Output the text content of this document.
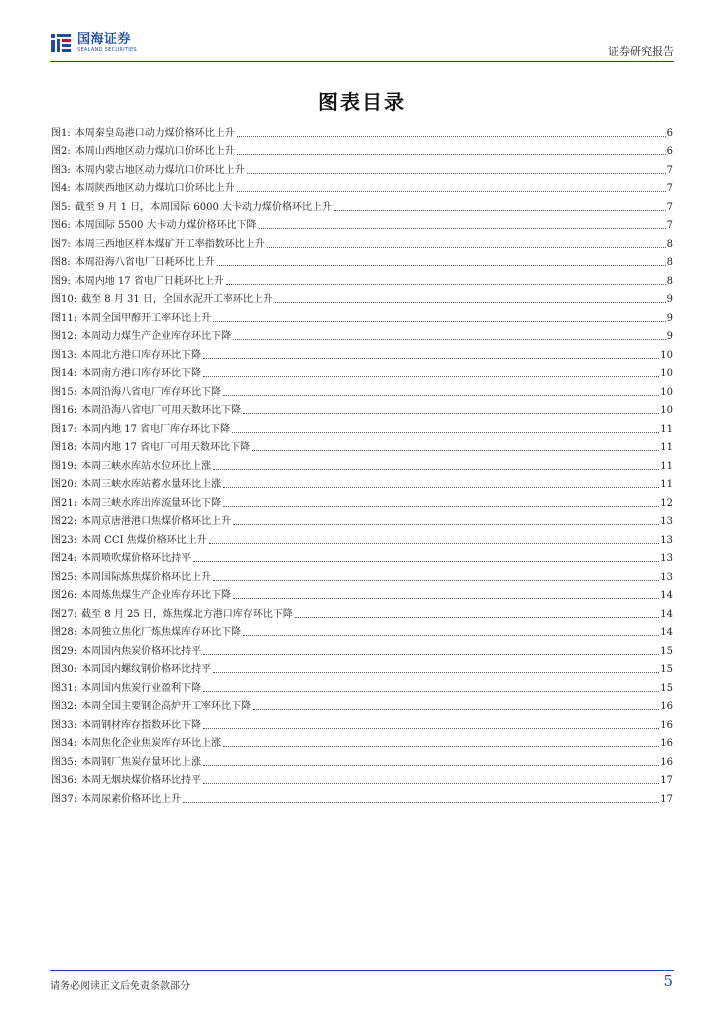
国海证券
SEALAND SECURITIES	证券研究报告
图表目录
图 1: 本周秦皇岛港口动力煤价格环比上升	6
图 2: 本周山西地区动力煤坑口价环比上升	6
图 3: 本周内蒙古地区动力煤坑口价环比上升	7
图 4: 本周陕西地区动力煤坑口价环比上升	7
图 5: 截至 9 月 1 日，本周国际 6000 大卡动力煤价格环比上升	7
图 6: 本周国际 5500 大卡动力煤价格环比下降	7
图 7: 本周三西地区样本煤矿开工率指数环比上升	8
图 8: 本周沿海八省电厂日耗环比上升	8
图 9: 本周内地 17 省电厂日耗环比上升	8
图 10: 截至 8 月 31 日，全国水泥开工率环比上升	9
图 11: 本周全国甲醇开工率环比上升	9
图 12: 本周动力煤生产企业库存环比下降	9
图 13: 本周北方港口库存环比下降	10
图 14: 本周南方港口库存环比下降	10
图 15: 本周沿海八省电厂库存环比下降	10
图 16: 本周沿海八省电厂可用天数环比下降	10
图 17: 本周内地 17 省电厂库存环比下降	11
图 18: 本周内地 17 省电厂可用天数环比下降	11
图 19: 本周三峡水库站水位环比上涨	11
图 20: 本周三峡水库站蓄水量环比上涨	11
图 21: 本周三峡水库出库流量环比下降	12
图 22: 本周京唐港港口焦煤价格环比上升	13
图 23: 本周 CCI 焦煤价格环比上升	13
图 24: 本周喷吹煤价格环比持平	13
图 25: 本周国际炼焦煤价格环比上升	13
图 26: 本周炼焦煤生产企业库存环比下降	14
图 27: 截至 8 月 25 日，炼焦煤北方港口库存环比下降	14
图 28: 本周独立焦化厂炼焦煤库存环比下降	14
图 29: 本周国内焦炭价格环比持平	15
图 30: 本周国内螺纹钢价格环比持平	15
图 31: 本周国内焦炭行业盈利下降	15
图 32: 本周全国主要钢企高炉开工率环比下降	16
图 33: 本周钢材库存指数环比下降	16
图 34: 本周焦化企业焦炭库存环比上涨	16
图 35: 本周钢厂焦炭存量环比上涨	16
图 36: 本周无烟块煤价格环比持平	17
图 37: 本周尿素价格环比上升	17
请务必阅读正文后免责条款部分	5
